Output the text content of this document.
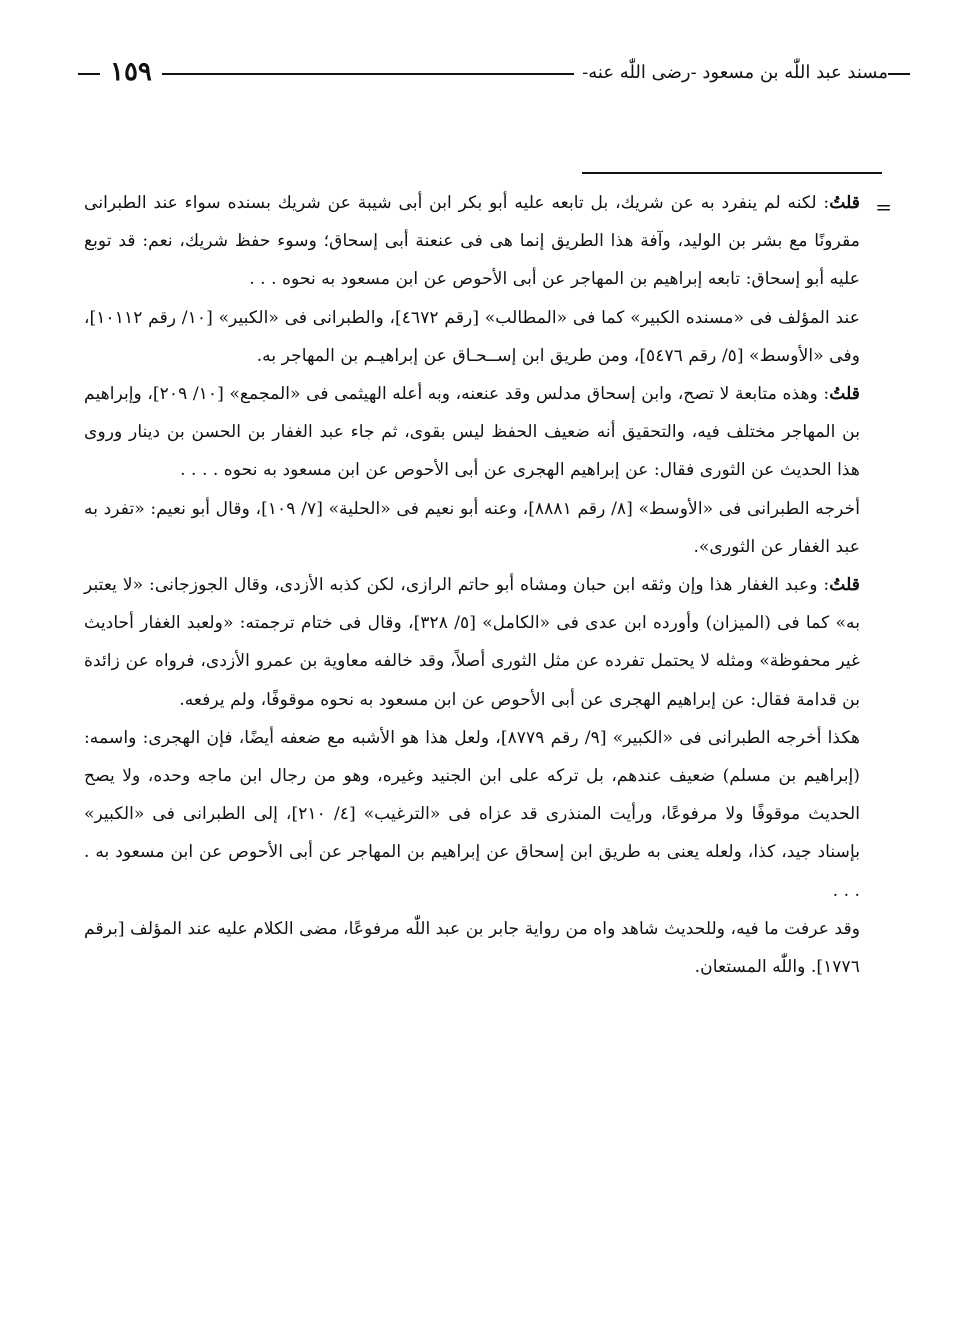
مسند عبد اللّٰه بن مسعود -رضى اللّٰه عنه-
١٥٩
=

قلتُ: لكنه لم ينفرد به عن شريك، بل تابعه عليه أبو بكر ابن أبى شيبة عن شريك بسنده سواء عند الطبرانى مقرونًا مع بشر بن الوليد، وآفة هذا الطريق إنما هى فى عنعنة أبى إسحاق؛ وسوء حفظ شريك، نعم: قد توبع عليه أبو إسحاق: تابعه إبراهيم بن المهاجر عن أبى الأحوص عن ابن مسعود به نحوه . . .

عند المؤلف فى «مسنده الكبير» كما فى «المطالب» [رقم ٤٦٧٢]، والطبرانى فى «الكبير» [١٠/ رقم ١٠١١٢]، وفى «الأوسط» [٥/ رقم ٥٤٧٦]، ومن طريق ابن إســحـاق عن إبراهيـم بن المهاجر به.

قلتُ: وهذه متابعة لا تصح، وابن إسحاق مدلس وقد عنعنه، وبه أعله الهيثمى فى «المجمع» [١٠/ ٢٠٩]، وإبراهيم بن المهاجر مختلف فيه، والتحقيق أنه ضعيف الحفظ ليس بقوى، ثم جاء عبد الغفار بن الحسن بن دينار وروى هذا الحديث عن الثورى فقال: عن إبراهيم الهجرى عن أبى الأحوص عن ابن مسعود به نحوه . . . .

أخرجه الطبرانى فى «الأوسط» [٨/ رقم ٨٨٨١]، وعنه أبو نعيم فى «الحلية» [٧/ ١٠٩]، وقال أبو نعيم: «تفرد به عبد الغفار عن الثورى».

قلتُ: وعبد الغفار هذا وإن وثقه ابن حبان ومشاه أبو حاتم الرازى، لكن كذبه الأزدى، وقال الجوزجانى: «لا يعتبر به» كما فى (الميزان) وأورده ابن عدى فى «الكامل» [٥/ ٣٢٨]، وقال فى ختام ترجمته: «ولعبد الغفار أحاديث غير محفوظة» ومثله لا يحتمل تفرده عن مثل الثورى أصلاً، وقد خالفه معاوية بن عمرو الأزدى، فرواه عن زائدة بن قدامة فقال: عن إبراهيم الهجرى عن أبى الأحوص عن ابن مسعود به نحوه موقوفًا، ولم يرفعه.

هكذا أخرجه الطبرانى فى «الكبير» [٩/ رقم ٨٧٧٩]، ولعل هذا هو الأشبه مع ضعفه أيضًا، فإن الهجرى: واسمه: (إبراهيم بن مسلم) ضعيف عندهم، بل تركه على ابن الجنيد وغيره، وهو من رجال ابن ماجه وحده، ولا يصح الحديث موقوفًا ولا مرفوعًا، ورأيت المنذرى قد عزاه فى «الترغيب» [٤/ ٢١٠]، إلى الطبرانى فى «الكبير» بإسناد جيد، كذا، ولعله يعنى به طريق ابن إسحاق عن إبراهيم بن المهاجر عن أبى الأحوص عن ابن مسعود به . . . .

وقد عرفت ما فيه، وللحديث شاهد واه من رواية جابر بن عبد اللّٰه مرفوعًا، مضى الكلام عليه عند المؤلف [برقم ١٧٧٦]. واللّٰه المستعان.
